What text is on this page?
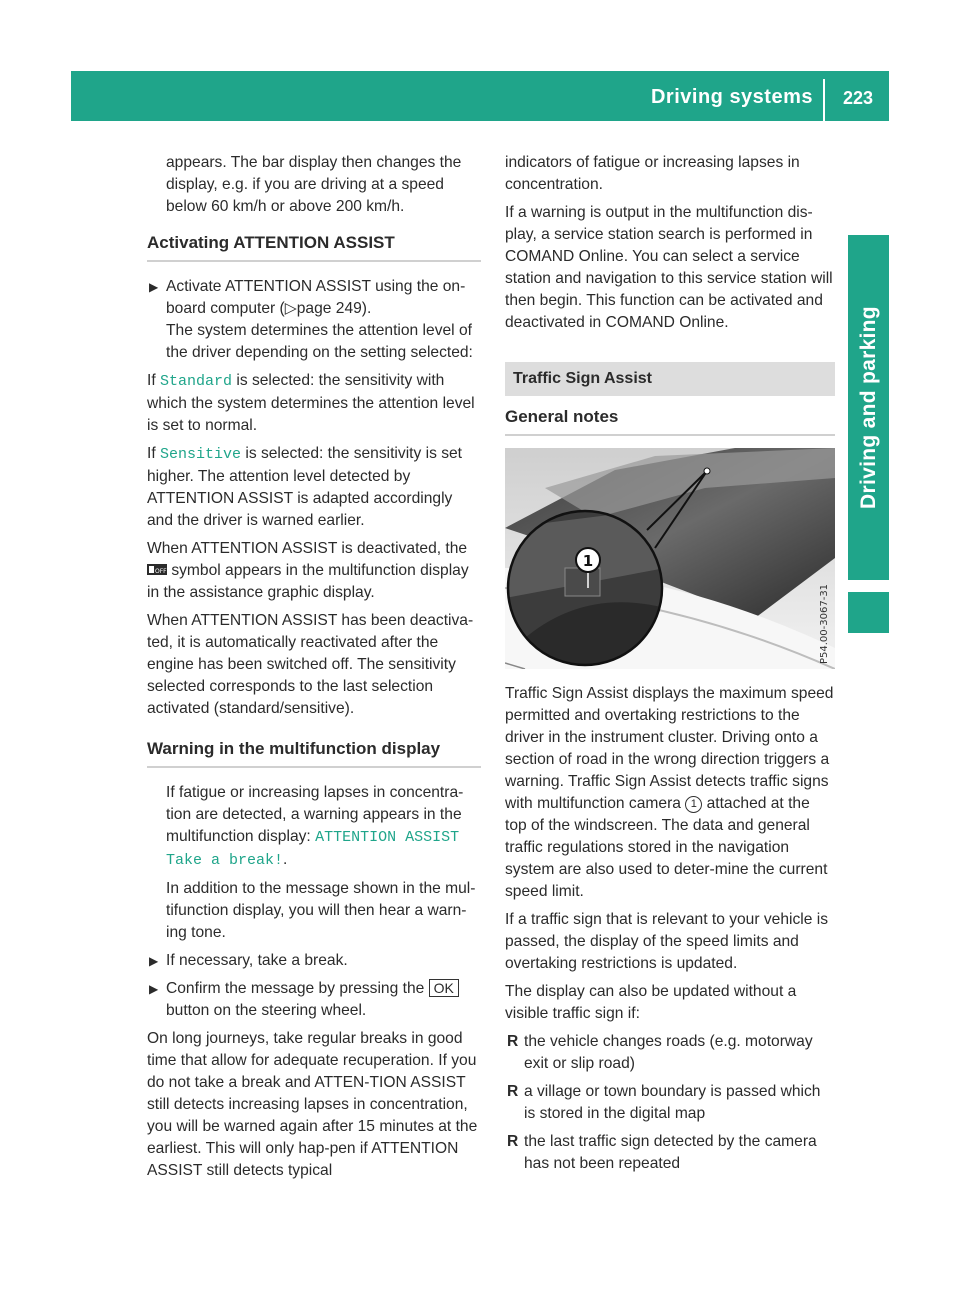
Driving systems 223
Driving and parking

appears. The bar display then changes the display, e.g. if you are driving at a speed below 60 km/h or above 200 km/h.

Activating ATTENTION ASSIST

▶ Activate ATTENTION ASSIST using the on-board computer (▷page 249).
The system determines the attention level of the driver depending on the setting selected:

If Standard is selected: the sensitivity with which the system determines the attention level is set to normal.

If Sensitive is selected: the sensitivity is set higher. The attention level detected by ATTENTION ASSIST is adapted accordingly and the driver is warned earlier.

When ATTENTION ASSIST is deactivated, the
OFF symbol appears in the multifunction display in the assistance graphic display.

When ATTENTION ASSIST has been deactiva-ted, it is automatically reactivated after the engine has been switched off. The sensitivity selected corresponds to the last selection activated (standard/sensitive).

Warning in the multifunction display

If fatigue or increasing lapses in concentra-tion are detected, a warning appears in the multifunction display: ATTENTION ASSIST
Take a break!.

In addition to the message shown in the mul-tifunction display, you will then hear a warn-ing tone.

▶ If necessary, take a break.

▶ Confirm the message by pressing the OK button on the steering wheel.

On long journeys, take regular breaks in good time that allow for adequate recuperation. If you do not take a break and ATTEN-TION ASSIST still detects increasing lapses in concentration, you will be warned again after 15 minutes at the earliest. This will only hap-pen if ATTENTION ASSIST still detects typical

indicators of fatigue or increasing lapses in concentration.

If a warning is output in the multifunction dis-play, a service station search is performed in COMAND Online. You can select a service station and navigation to this service station will then begin. This function can be activated and deactivated in COMAND Online.

Traffic Sign Assist
General notes
1
P54.00-3067-31

Traffic Sign Assist displays the maximum speed permitted and overtaking restrictions to the driver in the instrument cluster. Driving onto a section of road in the wrong direction triggers a warning. Traffic Sign Assist detects traffic signs with multifunction camera 1 attached at the top of the windscreen. The data and general traffic regulations stored in the navigation system are also used to deter-mine the current speed limit.

If a traffic sign that is relevant to your vehicle is passed, the display of the speed limits and overtaking restrictions is updated.

The display can also be updated without a visible traffic sign if:

R the vehicle changes roads (e.g. motorway exit or slip road)

R a village or town boundary is passed which is stored in the digital map

R the last traffic sign detected by the camera has not been repeated
